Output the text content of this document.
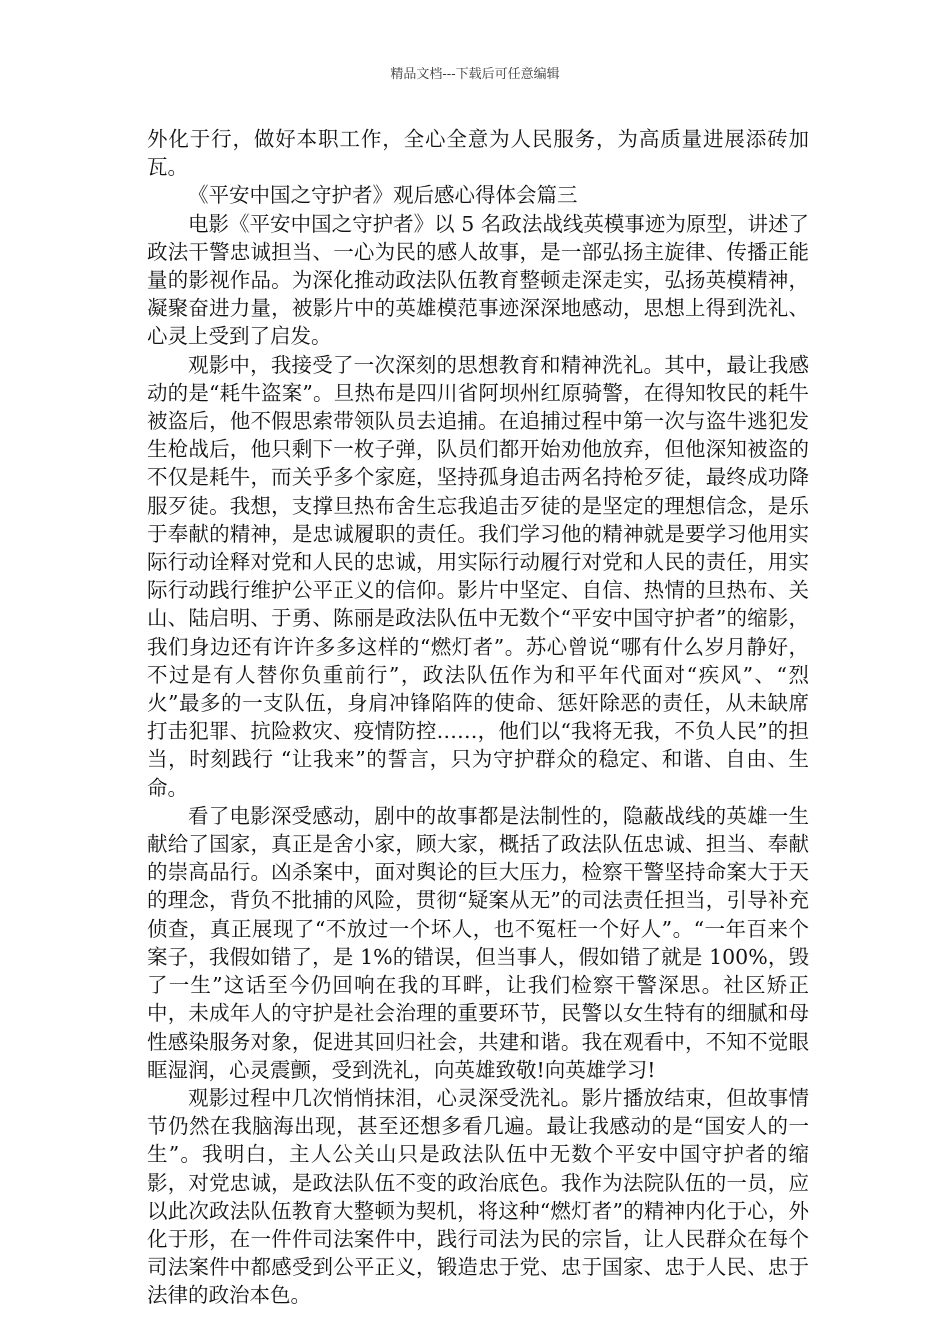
精品文档---下载后可任意编辑

外化于行，做好本职工作，全心全意为人民服务，为高质量进展添砖加瓦。

《平安中国之守护者》观后感心得体会篇三

电影《平安中国之守护者》以 5 名政法战线英模事迹为原型，讲述了政法干警忠诚担当、一心为民的感人故事，是一部弘扬主旋律、传播正能量的影视作品。为深化推动政法队伍教育整顿走深走实，弘扬英模精神，凝聚奋进力量，被影片中的英雄模范事迹深深地感动，思想上得到洗礼、心灵上受到了启发。

观影中，我接受了一次深刻的思想教育和精神洗礼。其中，最让我感动的是“耗牛盗案”。旦热布是四川省阿坝州红原骑警，在得知牧民的耗牛被盗后，他不假思索带领队员去追捕。在追捕过程中第一次与盗牛逃犯发生枪战后，他只剩下一枚子弹，队员们都开始劝他放弃，但他深知被盗的不仅是耗牛，而关乎多个家庭，坚持孤身追击两名持枪歹徒，最终成功降服歹徒。我想，支撑旦热布舍生忘我追击歹徒的是坚定的理想信念，是乐于奉献的精神，是忠诚履职的责任。我们学习他的精神就是要学习他用实际行动诠释对党和人民的忠诚，用实际行动履行对党和人民的责任，用实际行动践行维护公平正义的信仰。影片中坚定、自信、热情的旦热布、关山、陆启明、于勇、陈丽是政法队伍中无数个“平安中国守护者”的缩影，我们身边还有许许多多这样的“燃灯者”。苏心曾说“哪有什么岁月静好，不过是有人替你负重前行”，政法队伍作为和平年代面对“疾风”、“烈火”最多的一支队伍，身肩冲锋陷阵的使命、惩奸除恶的责任，从未缺席打击犯罪、抗险救灾、疫情防控……，他们以“我将无我，不负人民”的担当，时刻践行 “让我来”的誓言，只为守护群众的稳定、和谐、自由、生命。

看了电影深受感动，剧中的故事都是法制性的，隐蔽战线的英雄一生献给了国家，真正是舍小家，顾大家，概括了政法队伍忠诚、担当、奉献的崇高品行。凶杀案中，面对舆论的巨大压力，检察干警坚持命案大于天的理念，背负不批捕的风险，贯彻“疑案从无”的司法责任担当，引导补充侦查，真正展现了“不放过一个坏人，也不冤枉一个好人”。“一年百来个案子，我假如错了，是 1%的错误，但当事人，假如错了就是 100%，毁了一生”这话至今仍回响在我的耳畔，让我们检察干警深思。社区矫正中，未成年人的守护是社会治理的重要环节，民警以女生特有的细腻和母性感染服务对象，促进其回归社会，共建和谐。我在观看中，不知不觉眼眶湿润，心灵震颤，受到洗礼，向英雄致敬!向英雄学习!

观影过程中几次悄悄抹泪，心灵深受洗礼。影片播放结束，但故事情节仍然在我脑海出现，甚至还想多看几遍。最让我感动的是“国安人的一生”。我明白，主人公关山只是政法队伍中无数个平安中国守护者的缩影，对党忠诚，是政法队伍不变的政治底色。我作为法院队伍的一员，应以此次政法队伍教育大整顿为契机，将这种“燃灯者”的精神内化于心，外化于形，在一件件司法案件中，践行司法为民的宗旨，让人民群众在每个司法案件中都感受到公平正义，锻造忠于党、忠于国家、忠于人民、忠于法律的政治本色。
